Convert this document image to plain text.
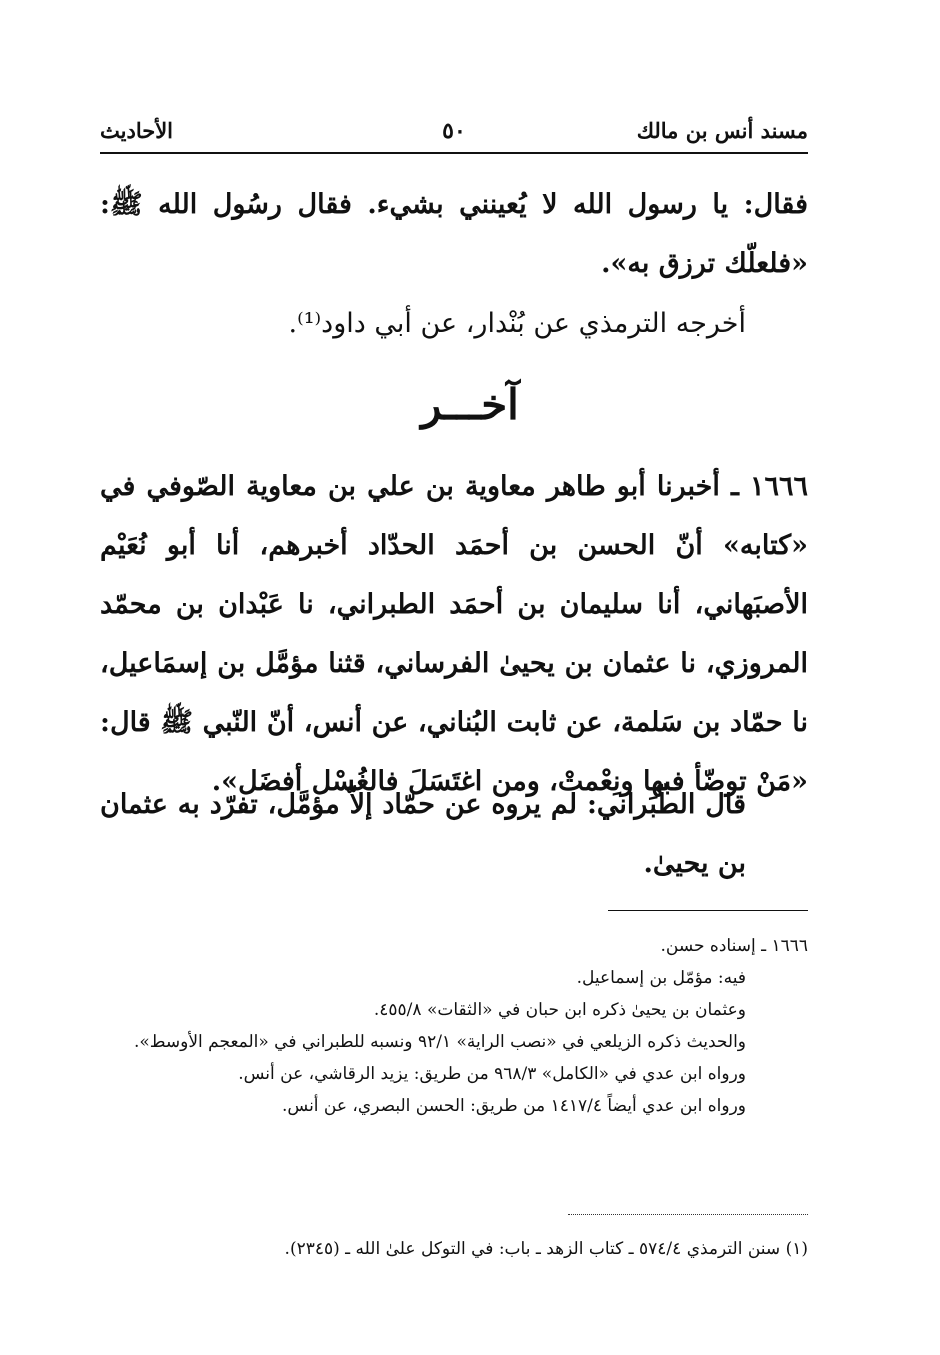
مسند أنس بن مالك
٥٠
الأحاديث
فقال: يا رسول الله لا يُعينني بشيء. فقال رسُول الله ﷺ: «فلعلّك ترزق به».
أخرجه الترمذي عن بُنْدار، عن أبي داود⁽¹⁾.
آخـــر
١٦٦٦ ـ أخبرنا أبو طاهر معاوية بن علي بن معاوية الصّوفي في «كتابه» أنّ الحسن بن أحمَد الحدّاد أخبرهم، أنا أبو نُعَيْم الأصبَهاني، أنا سليمان بن أحمَد الطبراني، نا عَبْدان بن محمّد المروزي، نا عثمان بن يحيىٰ الفرساني، قثنا مؤمَّل بن إسمَاعيل، نا حمّاد بن سَلمة، عن ثابت البُناني، عن أنس، أنّ النّبي ﷺ قال: «مَنْ توضّأ فبها ونِعْمتْ، ومن اغتَسَلَ فالغُسْل أفضَل».
قال الطّبَراني: لم يروه عن حمّاد إلاّ مؤمَّل، تفرّد به عثمان بن يحيىٰ.
١٦٦٦ ـ إسناده حسن.
فيه: مؤمّل بن إسماعيل.
وعثمان بن يحيىٰ ذكره ابن حبان في «الثقات» ٤٥٥/٨.
والحديث ذكره الزيلعي في «نصب الراية» ٩٢/١ ونسبه للطبراني في «المعجم الأوسط».
ورواه ابن عدي في «الكامل» ٩٦٨/٣ من طريق: يزيد الرقاشي، عن أنس.
ورواه ابن عدي أيضاً ١٤١٧/٤ من طريق: الحسن البصري، عن أنس.
(١) سنن الترمذي ٥٧٤/٤ ـ كتاب الزهد ـ باب: في التوكل علىٰ الله ـ (٢٣٤٥).
